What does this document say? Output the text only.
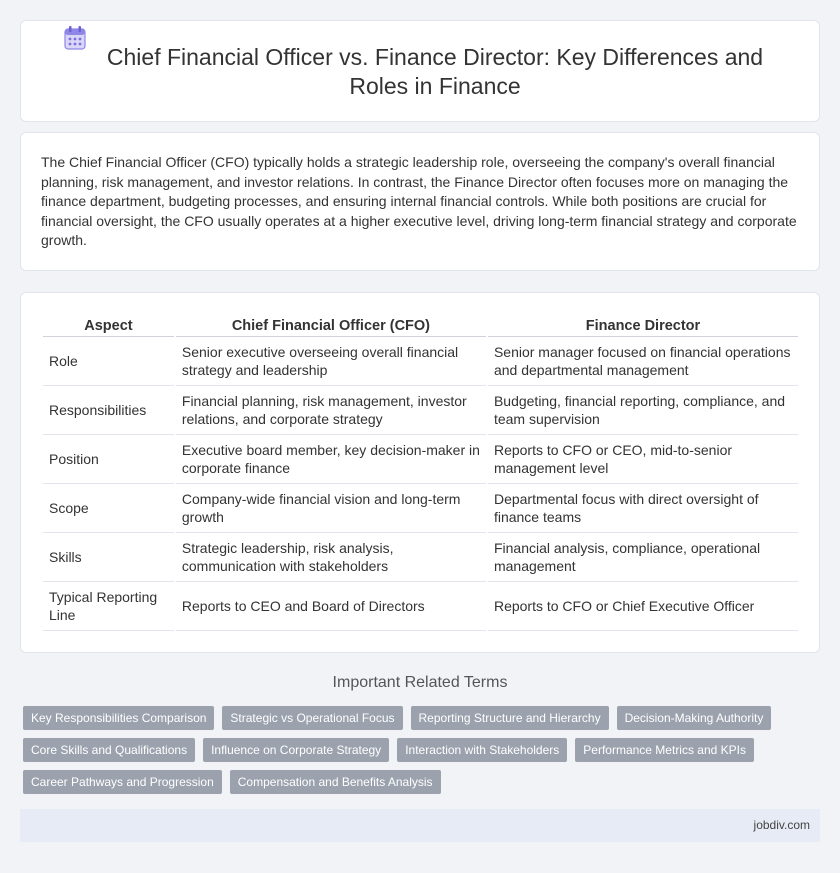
Chief Financial Officer vs. Finance Director: Key Differences and Roles in Finance

The Chief Financial Officer (CFO) typically holds a strategic leadership role, overseeing the company's overall financial planning, risk management, and investor relations. In contrast, the Finance Director often focuses more on managing the finance department, budgeting processes, and ensuring internal financial controls. While both positions are crucial for financial oversight, the CFO usually operates at a higher executive level, driving long-term financial strategy and corporate growth.

Aspect	Chief Financial Officer (CFO)	Finance Director
Role	Senior executive overseeing overall financial strategy and leadership	Senior manager focused on financial operations and departmental management
Responsibilities	Financial planning, risk management, investor relations, and corporate strategy	Budgeting, financial reporting, compliance, and team supervision
Position	Executive board member, key decision-maker in corporate finance	Reports to CFO or CEO, mid-to-senior management level
Scope	Company-wide financial vision and long-term growth	Departmental focus with direct oversight of finance teams
Skills	Strategic leadership, risk analysis, communication with stakeholders	Financial analysis, compliance, operational management
Typical Reporting Line	Reports to CEO and Board of Directors	Reports to CFO or Chief Executive Officer
Important Related Terms
Key Responsibilities Comparison	Strategic vs Operational Focus	Reporting Structure and Hierarchy	Decision-Making Authority
Core Skills and Qualifications	Influence on Corporate Strategy	Interaction with Stakeholders	Performance Metrics and KPIs
Career Pathways and Progression	Compensation and Benefits Analysis
jobdiv.com
